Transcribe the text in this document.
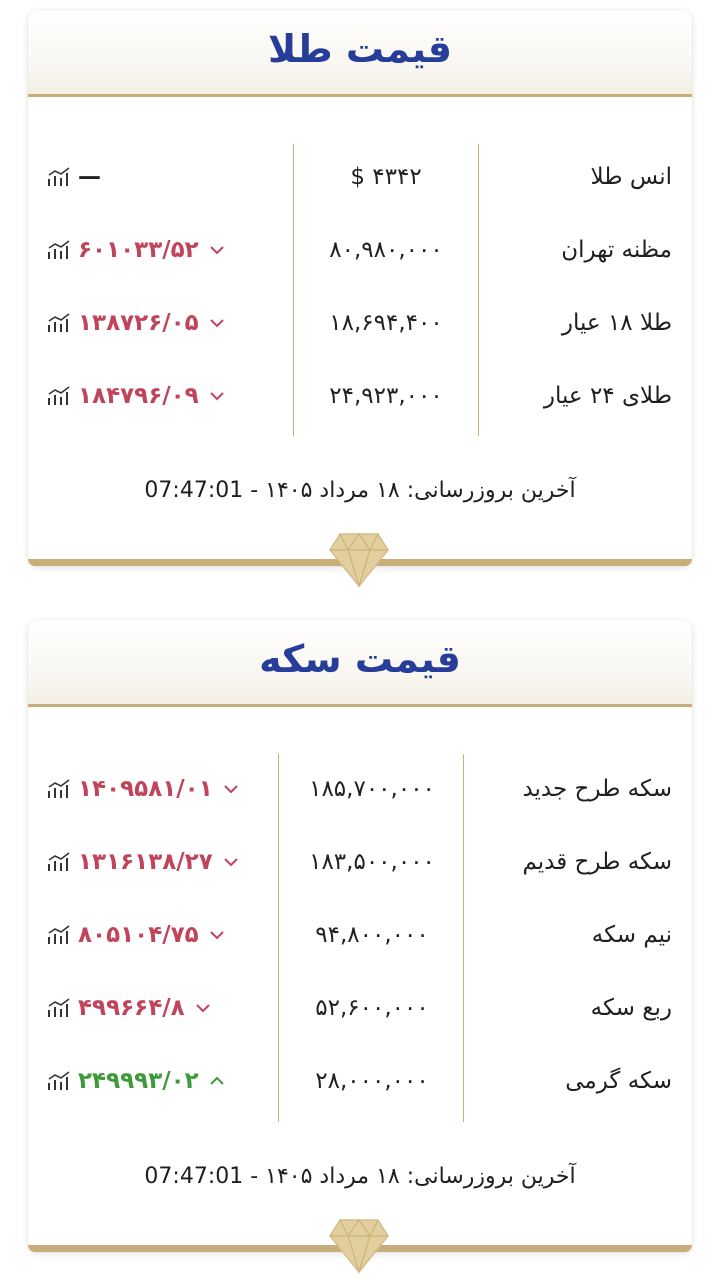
قیمت طلا
انس طلا
$ ۴۳۴۲
—
مظنه تهران
۸۰,۹۸۰,۰۰۰
۶۰۱۰۳۳/۵۲
طلا ۱۸ عیار
۱۸,۶۹۴,۴۰۰
۱۳۸۷۲۶/۰۵
طلای ۲۴ عیار
۲۴,۹۲۳,۰۰۰
۱۸۴۷۹۶/۰۹
آخرین بروزرسانی: ۱۸ مرداد ۱۴۰۵ - 07:47:01
قیمت سکه
سکه طرح جدید
۱۸۵,۷۰۰,۰۰۰
۱۴۰۹۵۸۱/۰۱
سکه طرح قدیم
۱۸۳,۵۰۰,۰۰۰
۱۳۱۶۱۳۸/۲۷
نیم سکه
۹۴,۸۰۰,۰۰۰
۸۰۵۱۰۴/۷۵
ربع سکه
۵۲,۶۰۰,۰۰۰
۴۹۹۶۶۴/۸
سکه گرمی
۲۸,۰۰۰,۰۰۰
۲۴۹۹۹۳/۰۲
آخرین بروزرسانی: ۱۸ مرداد ۱۴۰۵ - 07:47:01
